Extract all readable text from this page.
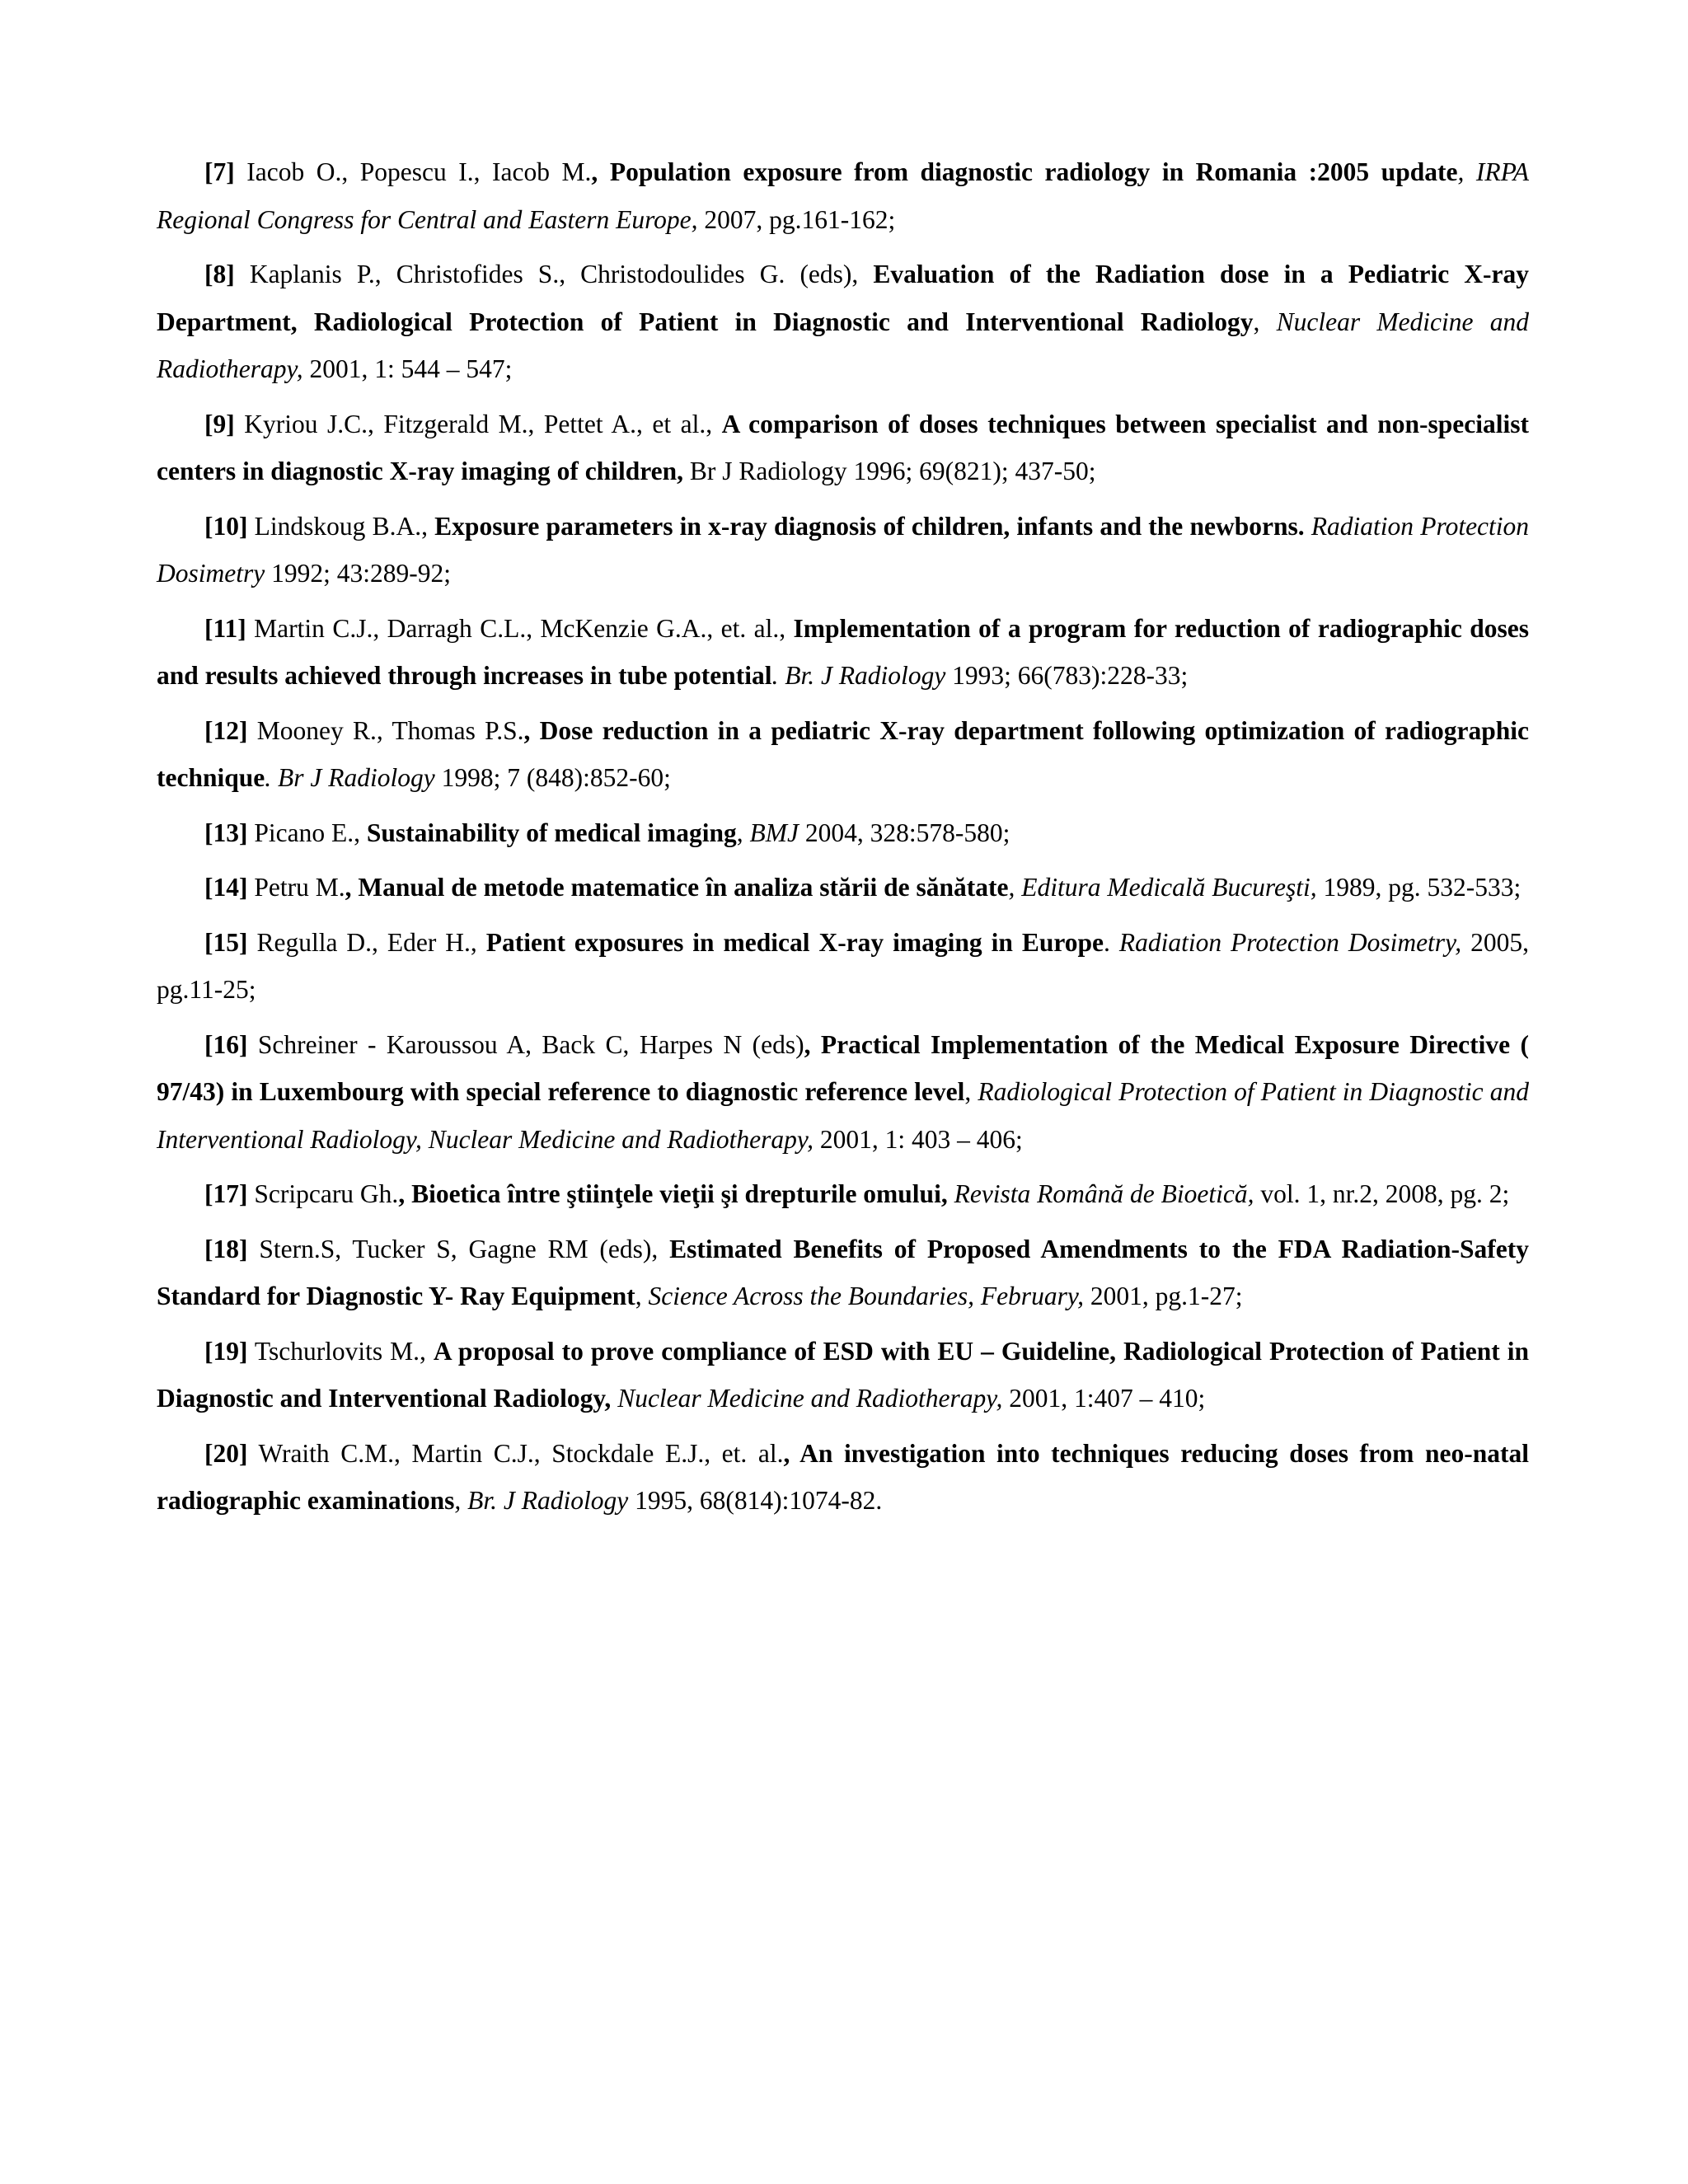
[7] Iacob O., Popescu I., Iacob M., Population exposure from diagnostic radiology in Romania :2005 update, IRPA Regional Congress for Central and Eastern Europe, 2007, pg.161-162;

[8] Kaplanis P., Christofides S., Christodoulides G. (eds), Evaluation of the Radiation dose in a Pediatric X-ray Department, Radiological Protection of Patient in Diagnostic and Interventional Radiology, Nuclear Medicine and Radiotherapy, 2001, 1: 544 – 547;

[9] Kyriou J.C., Fitzgerald M., Pettet A., et al., A comparison of doses techniques between specialist and non-specialist centers in diagnostic X-ray imaging of children, Br J Radiology 1996; 69(821); 437-50;

[10] Lindskoug B.A., Exposure parameters in x-ray diagnosis of children, infants and the newborns. Radiation Protection Dosimetry 1992; 43:289-92;

[11] Martin C.J., Darragh C.L., McKenzie G.A., et. al., Implementation of a program for reduction of radiographic doses and results achieved through increases in tube potential. Br. J Radiology 1993; 66(783):228-33;

[12] Mooney R., Thomas P.S., Dose reduction in a pediatric X-ray department following optimization of radiographic technique. Br J Radiology 1998; 7 (848):852-60;

[13] Picano E., Sustainability of medical imaging, BMJ 2004, 328:578-580;

[14] Petru M., Manual de metode matematice în analiza stării de sănătate, Editura Medicală Bucureşti, 1989, pg. 532-533;

[15] Regulla D., Eder H., Patient exposures in medical X-ray imaging in Europe. Radiation Protection Dosimetry, 2005, pg.11-25;

[16] Schreiner - Karoussou A, Back C, Harpes N (eds), Practical Implementation of the Medical Exposure Directive ( 97/43) in Luxembourg with special reference to diagnostic reference level, Radiological Protection of Patient in Diagnostic and Interventional Radiology, Nuclear Medicine and Radiotherapy, 2001, 1: 403 – 406;

[17] Scripcaru Gh., Bioetica între ştiinţele vieţii şi drepturile omului, Revista Română de Bioetică, vol. 1, nr.2, 2008, pg. 2;

[18] Stern.S, Tucker S, Gagne RM (eds), Estimated Benefits of Proposed Amendments to the FDA Radiation-Safety Standard for Diagnostic Y- Ray Equipment, Science Across the Boundaries, February, 2001, pg.1-27;

[19] Tschurlovits M., A proposal to prove compliance of ESD with EU – Guideline, Radiological Protection of Patient in Diagnostic and Interventional Radiology, Nuclear Medicine and Radiotherapy, 2001, 1:407 – 410;

[20] Wraith C.M., Martin C.J., Stockdale E.J., et. al., An investigation into techniques reducing doses from neo-natal radiographic examinations, Br. J Radiology 1995, 68(814):1074-82.
